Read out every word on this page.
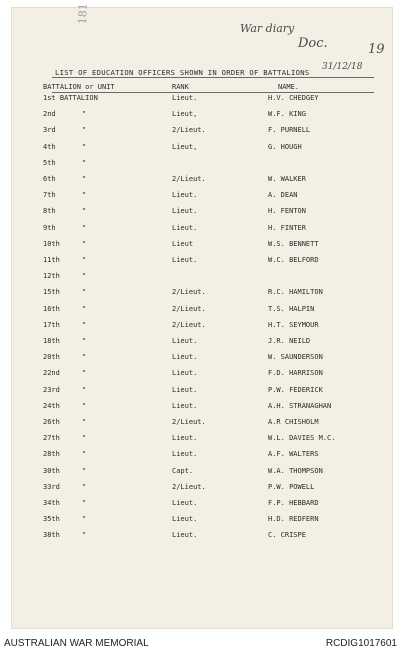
181
War diary
Doc.
31/12/18
19
LIST OF EDUCATION OFFICERS SHOWN IN ORDER OF BATTALIONS
BATTALION or UNIT	RANK	NAME.
1st BATTALION	Lieut.	H.V. CHEDGEY
2nd	"	Lieut,	W.F. KING
3rd	"	2/Lieut.	F. PURNELL
4th	"	Lieut,	G. HOUGH
5th	"
6th	"	2/Lieut.	W. WALKER
7th	"	Lieut.	A. DEAN
8th	"	Lieut.	H. FENTON
9th	"	Lieut.	H. FINTER
10th	"	Lieut	W.S. BENNETT
11th	"	Lieut.	W.C. BELFORD
12th	"
15th	"	2/Lieut.	R.C. HAMILTON
16th	"	2/Lieut.	T.S. HALPIN
17th	"	2/Lieut.	H.T. SEYMOUR
18th	"	Lieut.	J.R. NEILD
20th	"	Lieut.	W. SAUNDERSON
22nd	"	Lieut.	F.D. HARRISON
23rd	"	Lieut.	P.W. FEDERICK
24th	"	Lieut.	A.H. STRANAGHAN
26th	"	2/Lieut.	A.R CHISHOLM
27th	"	Lieut.	W.L. DAVIES M.C.
28th	"	Lieut.	A.F. WALTERS
30th	"	Capt.	W.A. THOMPSON
33rd	"	2/Lieut.	P.W. POWELL
34th	"	Lieut.	F.P. HEBBARD
35th	"	Lieut.	H.D. REDFERN
38th	"	Lieut.	C. CRISPE
AUSTRALIAN WAR MEMORIAL	RCDIG1017601
